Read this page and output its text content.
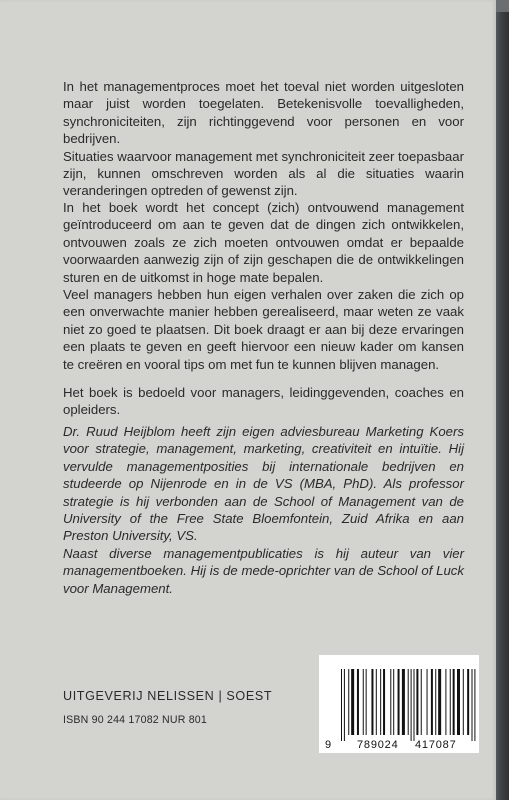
In het managementproces moet het toeval niet worden uitgesloten maar juist worden toegelaten. Betekenisvolle toevalligheden, synchroniciteiten, zijn richtinggevend voor personen en voor bedrijven.

Situaties waarvoor management met synchroniciteit zeer toepasbaar zijn, kunnen omschreven worden als al die situaties waarin veranderingen optreden of gewenst zijn.

In het boek wordt het concept (zich) ontvouwend management geïntroduceerd om aan te geven dat de dingen zich ontwikkelen, ontvouwen zoals ze zich moeten ontvouwen omdat er bepaalde voorwaarden aanwezig zijn of zijn geschapen die de ontwikkelingen sturen en de uitkomst in hoge mate bepalen.

Veel managers hebben hun eigen verhalen over zaken die zich op een onverwachte manier hebben gerealiseerd, maar weten ze vaak niet zo goed te plaatsen. Dit boek draagt er aan bij deze ervaringen een plaats te geven en geeft hiervoor een nieuw kader om kansen te creëren en vooral tips om met fun te kunnen blijven managen.

Het boek is bedoeld voor managers, leidinggevenden, coaches en opleiders.

Dr. Ruud Heijblom heeft zijn eigen adviesbureau Marketing Koers voor strategie, management, marketing, creativiteit en intuïtie. Hij vervulde managementposities bij internationale bedrijven en studeerde op Nijenrode en in de VS (MBA, PhD). Als professor strategie is hij verbonden aan de School of Management van de University of the Free State Bloemfontein, Zuid Afrika en aan Preston University, VS.

Naast diverse managementpublicaties is hij auteur van vier managementboeken. Hij is de mede-oprichter van de School of Luck voor Management.

UITGEVERIJ NELISSEN | SOEST
ISBN 90 244 17082 NUR 801
9 789024 417087
